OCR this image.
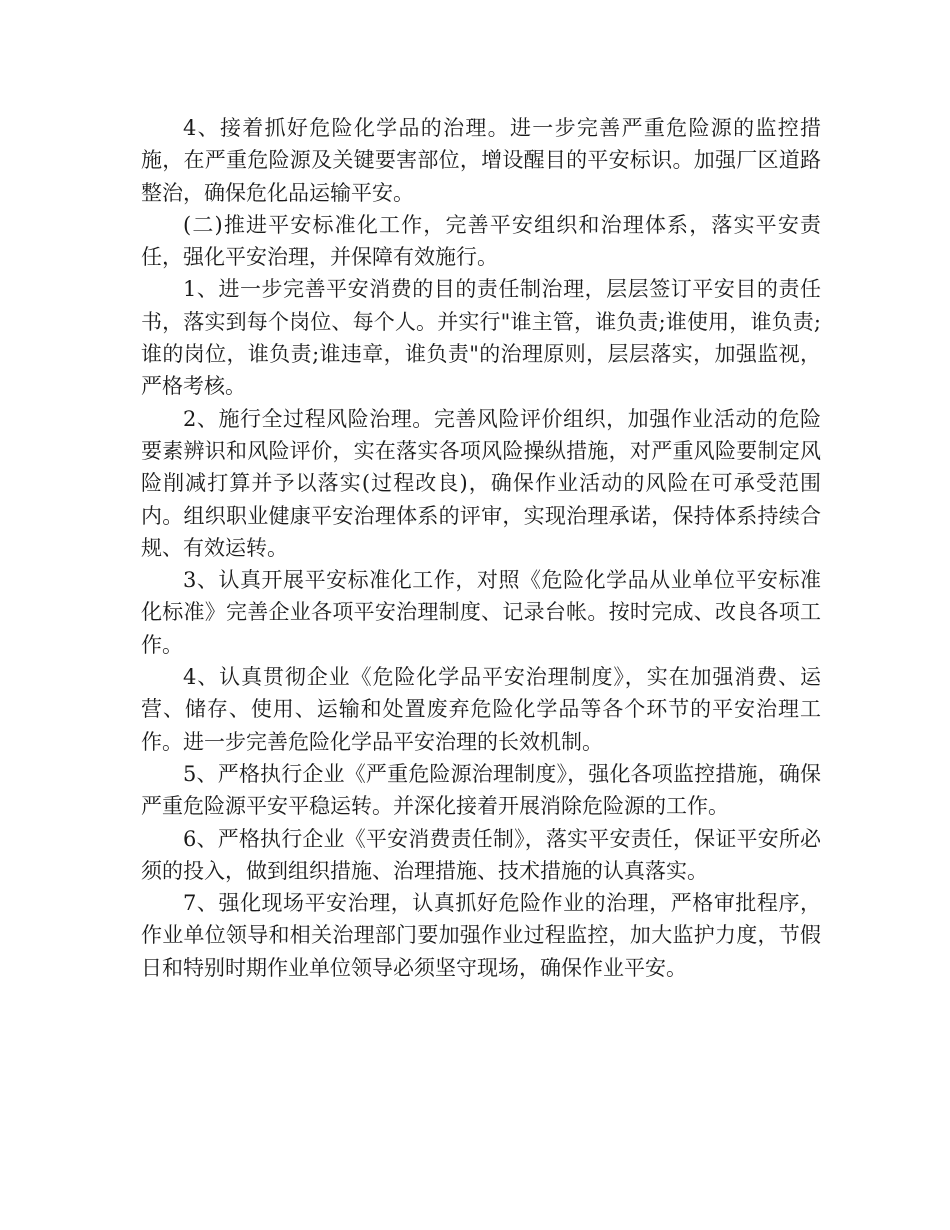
4、接着抓好危险化学品的治理。进一步完善严重危险源的监控措施，在严重危险源及关键要害部位，增设醒目的平安标识。加强厂区道路整治，确保危化品运输平安。

(二)推进平安标准化工作，完善平安组织和治理体系，落实平安责任，强化平安治理，并保障有效施行。

1、进一步完善平安消费的目的责任制治理，层层签订平安目的责任书，落实到每个岗位、每个人。并实行"谁主管，谁负责;谁使用，谁负责;谁的岗位，谁负责;谁违章，谁负责"的治理原则，层层落实，加强监视，严格考核。

2、施行全过程风险治理。完善风险评价组织，加强作业活动的危险要素辨识和风险评价，实在落实各项风险操纵措施，对严重风险要制定风险削减打算并予以落实(过程改良)，确保作业活动的风险在可承受范围内。组织职业健康平安治理体系的评审，实现治理承诺，保持体系持续合规、有效运转。

3、认真开展平安标准化工作，对照《危险化学品从业单位平安标准化标准》完善企业各项平安治理制度、记录台帐。按时完成、改良各项工作。

4、认真贯彻企业《危险化学品平安治理制度》，实在加强消费、运营、储存、使用、运输和处置废弃危险化学品等各个环节的平安治理工作。进一步完善危险化学品平安治理的长效机制。

5、严格执行企业《严重危险源治理制度》，强化各项监控措施，确保严重危险源平安平稳运转。并深化接着开展消除危险源的工作。

6、严格执行企业《平安消费责任制》，落实平安责任，保证平安所必须的投入，做到组织措施、治理措施、技术措施的认真落实。

7、强化现场平安治理，认真抓好危险作业的治理，严格审批程序，作业单位领导和相关治理部门要加强作业过程监控，加大监护力度，节假日和特别时期作业单位领导必须坚守现场，确保作业平安。
